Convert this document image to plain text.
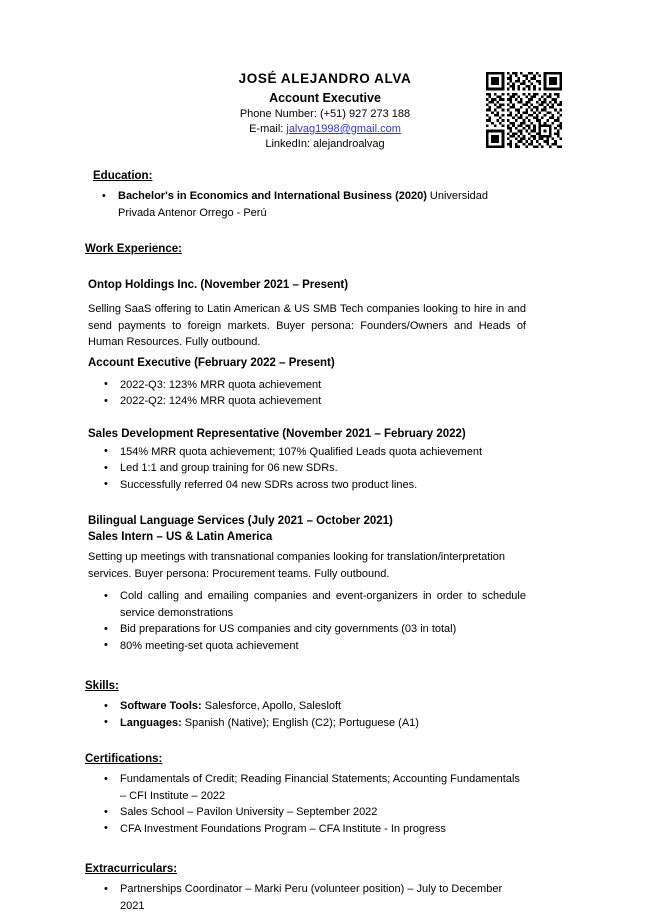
JOSÉ ALEJANDRO ALVA
Account Executive
Phone Number: (+51) 927 273 188
E-mail: jalvag1998@gmail.com
LinkedIn: alejandroalvag
Education:
• Bachelor's in Economics and International Business (2020) Universidad Privada Antenor Orrego - Perú
Work Experience:
Ontop Holdings Inc. (November 2021 – Present)
Selling SaaS offering to Latin American & US SMB Tech companies looking to hire in and send payments to foreign markets. Buyer persona: Founders/Owners and Heads of Human Resources. Fully outbound.
Account Executive (February 2022 – Present)
• 2022-Q3: 123% MRR quota achievement
• 2022-Q2: 124% MRR quota achievement
Sales Development Representative (November 2021 – February 2022)
• 154% MRR quota achievement; 107% Qualified Leads quota achievement
• Led 1:1 and group training for 06 new SDRs.
• Successfully referred 04 new SDRs across two product lines.
Bilingual Language Services (July 2021 – October 2021)
Sales Intern – US & Latin America
Setting up meetings with transnational companies looking for translation/interpretation services. Buyer persona: Procurement teams. Fully outbound.
• Cold calling and emailing companies and event-organizers in order to schedule service demonstrations
• Bid preparations for US companies and city governments (03 in total)
• 80% meeting-set quota achievement
Skills:
• Software Tools: Salesforce, Apollo, Salesloft
• Languages: Spanish (Native); English (C2); Portuguese (A1)
Certifications:
• Fundamentals of Credit; Reading Financial Statements; Accounting Fundamentals – CFI Institute – 2022
• Sales School – Pavilon University – September 2022
• CFA Investment Foundations Program – CFA Institute - In progress
Extracurriculars:
• Partnerships Coordinator – Marki Peru (volunteer position) – July to December 2021
